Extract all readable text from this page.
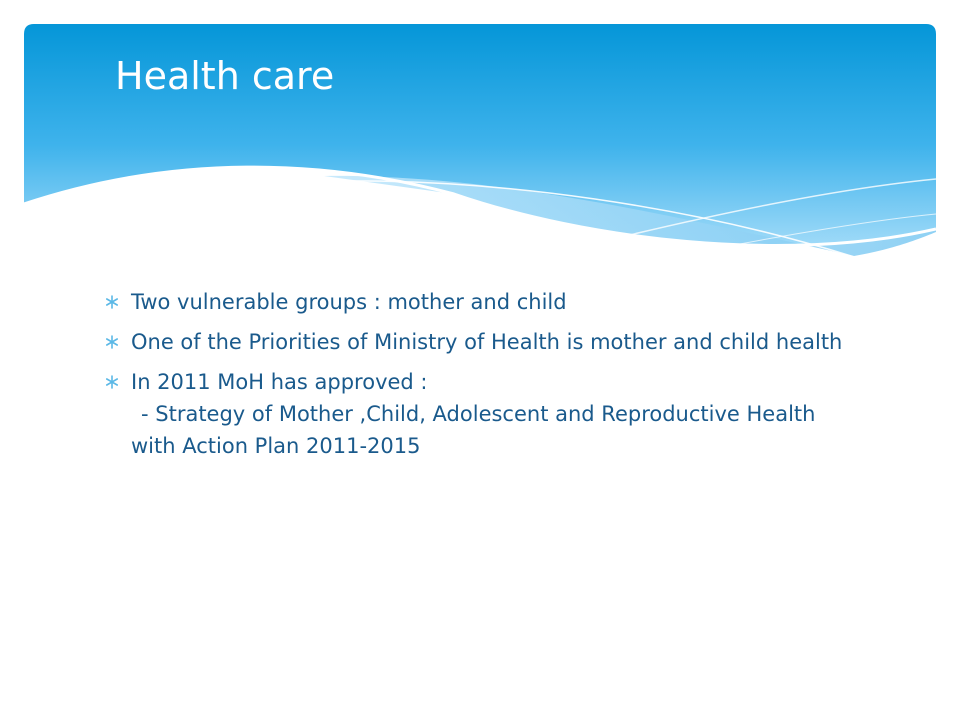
Health care
Two vulnerable groups : mother and child
One of the Priorities of Ministry of Health is mother and child health
In 2011 MoH has approved :
- Strategy of Mother ,Child, Adolescent and Reproductive Health with Action Plan 2011-2015
